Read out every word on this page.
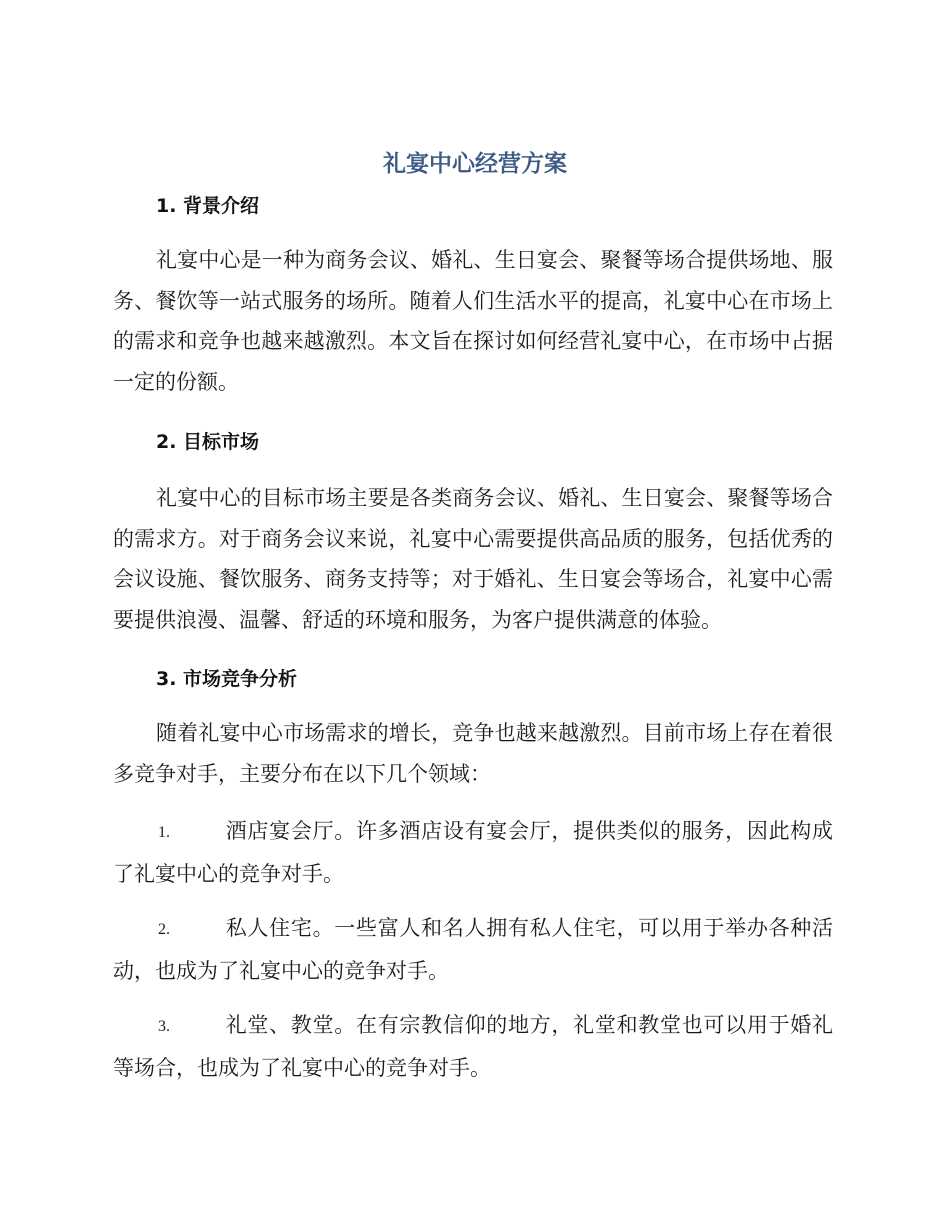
礼宴中心经营方案
1. 背景介绍

礼宴中心是一种为商务会议、婚礼、生日宴会、聚餐等场合提供场地、服务、餐饮等一站式服务的场所。随着人们生活水平的提高，礼宴中心在市场上的需求和竞争也越来越激烈。本文旨在探讨如何经营礼宴中心，在市场中占据一定的份额。

2. 目标市场

礼宴中心的目标市场主要是各类商务会议、婚礼、生日宴会、聚餐等场合的需求方。对于商务会议来说，礼宴中心需要提供高品质的服务，包括优秀的会议设施、餐饮服务、商务支持等；对于婚礼、生日宴会等场合，礼宴中心需要提供浪漫、温馨、舒适的环境和服务，为客户提供满意的体验。

3. 市场竞争分析

随着礼宴中心市场需求的增长，竞争也越来越激烈。目前市场上存在着很多竞争对手，主要分布在以下几个领域：

1.	酒店宴会厅。许多酒店设有宴会厅，提供类似的服务，因此构成了礼宴中心的竞争对手。

2.	私人住宅。一些富人和名人拥有私人住宅，可以用于举办各种活动，也成为了礼宴中心的竞争对手。

3.	礼堂、教堂。在有宗教信仰的地方，礼堂和教堂也可以用于婚礼等场合，也成为了礼宴中心的竞争对手。
